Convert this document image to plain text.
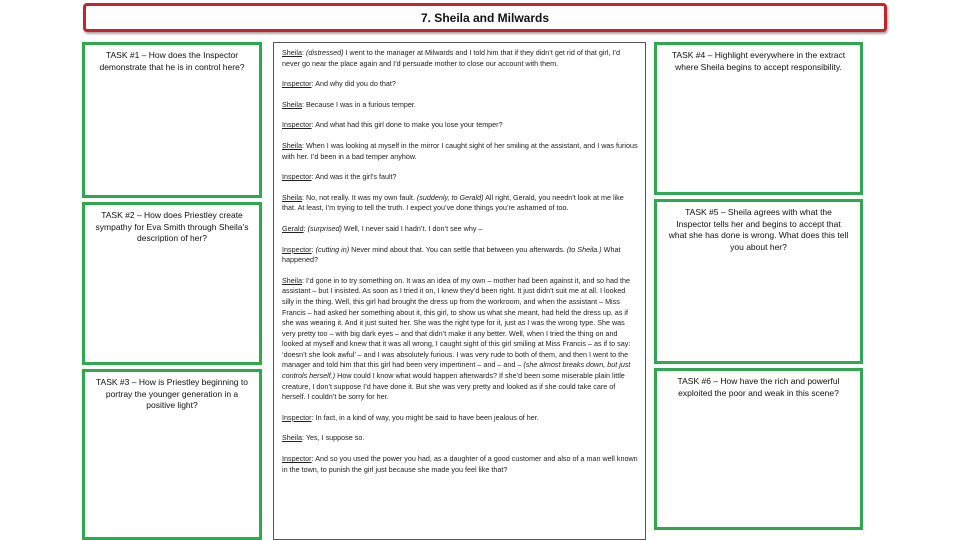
7. Sheila and Milwards
TASK #1 – How does the Inspector demonstrate that he is in control here?
TASK #2 – How does Priestley create sympathy for Eva Smith through Sheila’s description of her?
TASK #3 – How is Priestley beginning to portray the younger generation in a positive light?
TASK #4 – Highlight everywhere in the extract where Sheila begins to accept responsibility.
TASK #5 – Sheila agrees with what the Inspector tells her and begins to accept that what she has done is wrong. What does this tell you about her?
TASK #6 – How have the rich and powerful exploited the poor and weak in this scene?

Sheila: (distressed) I went to the manager at Milwards and I told him that if they didn’t get rid of that girl, I’d never go near the place again and I’d persuade mother to close our account with them.

Inspector: And why did you do that?

Sheila: Because I was in a furious temper.

Inspector: And what had this girl done to make you lose your temper?

Sheila: When I was looking at myself in the mirror I caught sight of her smiling at the assistant, and I was furious with her. I’d been in a bad temper anyhow.

Inspector: And was it the girl’s fault?

Sheila: No, not really. It was my own fault. (suddenly, to Gerald) All right, Gerald, you needn’t look at me like that. At least, I’m trying to tell the truth. I expect you’ve done things you’re ashamed of too.

Gerald: (surprised) Well, I never said I hadn’t. I don’t see why –

Inspector: (cutting in) Never mind about that. You can settle that between you afterwards. (to Sheila.) What happened?

Sheila: I’d gone in to try something on. It was an idea of my own – mother had been against it, and so had the assistant – but I insisted. As soon as I tried it on, I knew they’d been right. It just didn’t suit me at all. I looked silly in the thing. Well, this girl had brought the dress up from the workroom, and when the assistant – Miss Francis – had asked her something about it, this girl, to show us what she meant, had held the dress up, as if she was wearing it. And it just suited her. She was the right type for it, just as I was the wrong type. She was very pretty too – with big dark eyes – and that didn’t make it any better. Well, when I tried the thing on and looked at myself and knew that it was all wrong, I caught sight of this girl smiling at Miss Francis – as if to say: ‘doesn’t she look awful’ – and I was absolutely furious. I was very rude to both of them, and then I went to the manager and told him that this girl had been very impertinent – and – and – (she almost breaks down, but just controls herself.) How could I know what would happen afterwards? If she’d been some miserable plain little creature, I don’t suppose I’d have done it. But she was very pretty and looked as if she could take care of herself. I couldn’t be sorry for her.

Inspector: In fact, in a kind of way, you might be said to have been jealous of her.

Sheila: Yes, I suppose so.

Inspector: And so you used the power you had, as a daughter of a good customer and also of a man well known in the town, to punish the girl just because she made you feel like that?
